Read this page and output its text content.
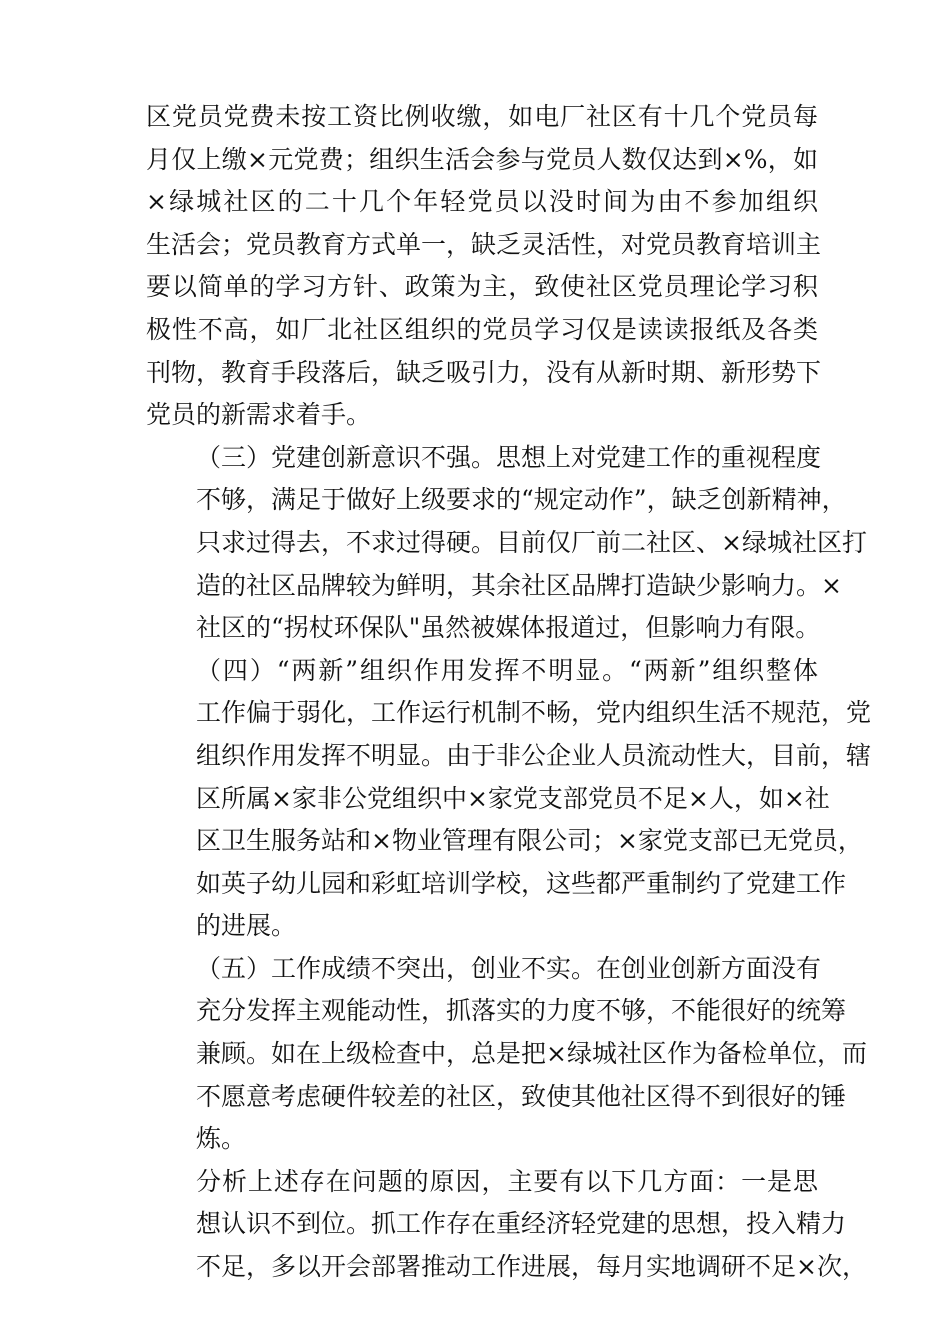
区党员党费未按工资比例收缴，如电厂社区有十几个党员每
月仅上缴×元党费；组织生活会参与党员人数仅达到×%，如
×绿城社区的二十几个年轻党员以没时间为由不参加组织
生活会；党员教育方式单一，缺乏灵活性，对党员教育培训主
要以简单的学习方针、政策为主，致使社区党员理论学习积
极性不高，如厂北社区组织的党员学习仅是读读报纸及各类
刊物，教育手段落后，缺乏吸引力，没有从新时期、新形势下
党员的新需求着手。
（三）党建创新意识不强。思想上对党建工作的重视程度
不够，满足于做好上级要求的“规定动作”，缺乏创新精神，
只求过得去，不求过得硬。目前仅厂前二社区、×绿城社区打
造的社区品牌较为鲜明，其余社区品牌打造缺少影响力。×
社区的“拐杖环保队"虽然被媒体报道过，但影响力有限。
（四）“两新”组织作用发挥不明显。“两新”组织整体
工作偏于弱化，工作运行机制不畅，党内组织生活不规范，党
组织作用发挥不明显。由于非公企业人员流动性大，目前，辖
区所属×家非公党组织中×家党支部党员不足×人，如×社
区卫生服务站和×物业管理有限公司；×家党支部已无党员，
如英子幼儿园和彩虹培训学校，这些都严重制约了党建工作
的进展。
（五）工作成绩不突出，创业不实。在创业创新方面没有
充分发挥主观能动性，抓落实的力度不够，不能很好的统筹
兼顾。如在上级检查中，总是把×绿城社区作为备检单位，而
不愿意考虑硬件较差的社区，致使其他社区得不到很好的锤
炼。
分析上述存在问题的原因，主要有以下几方面：一是思
想认识不到位。抓工作存在重经济轻党建的思想，投入精力
不足，多以开会部署推动工作进展，每月实地调研不足×次，
